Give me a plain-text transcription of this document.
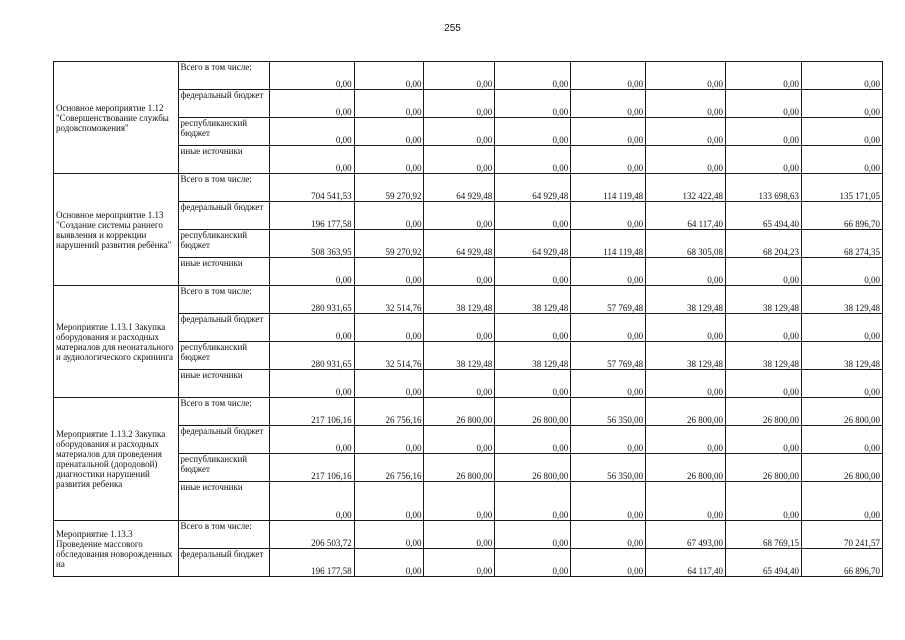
255
Основное мероприятие 1.12 "Совершенствование службы родовспоможения"	Всего в том числе:	0,00	0,00	0,00	0,00	0,00	0,00	0,00	0,00
	федеральный бюджет	0,00	0,00	0,00	0,00	0,00	0,00	0,00	0,00
	республиканский бюджет	0,00	0,00	0,00	0,00	0,00	0,00	0,00	0,00
	иные источники	0,00	0,00	0,00	0,00	0,00	0,00	0,00	0,00
Основное мероприятие 1.13 "Создание системы раннего выявления и коррекции нарушений развития ребёнка"	Всего в том числе:	704 541,53	59 270,92	64 929,48	64 929,48	114 119,48	132 422,48	133 698,63	135 171,05
	федеральный бюджет	196 177,58	0,00	0,00	0,00	0,00	64 117,40	65 494,40	66 896,70
	республиканский бюджет	508 363,95	59 270,92	64 929,48	64 929,48	114 119,48	68 305,08	68 204,23	68 274,35
	иные источники	0,00	0,00	0,00	0,00	0,00	0,00	0,00	0,00
Мероприятие 1.13.1 Закупка оборудования и расходных материалов для неонатального и аудиологического скрининга	Всего в том числе:	280 931,65	32 514,76	38 129,48	38 129,48	57 769,48	38 129,48	38 129,48	38 129,48
	федеральный бюджет	0,00	0,00	0,00	0,00	0,00	0,00	0,00	0,00
	республиканский бюджет	280 931,65	32 514,76	38 129,48	38 129,48	57 769,48	38 129,48	38 129,48	38 129,48
	иные источники	0,00	0,00	0,00	0,00	0,00	0,00	0,00	0,00
Мероприятие 1.13.2 Закупка оборудования и расходных материалов для проведения пренатальной (дородовой) диагностики нарушений развития ребенка	Всего в том числе:	217 106,16	26 756,16	26 800,00	26 800,00	56 350,00	26 800,00	26 800,00	26 800,00
	федеральный бюджет	0,00	0,00	0,00	0,00	0,00	0,00	0,00	0,00
	республиканский бюджет	217 106,16	26 756,16	26 800,00	26 800,00	56 350,00	26 800,00	26 800,00	26 800,00
	иные источники	0,00	0,00	0,00	0,00	0,00	0,00	0,00	0,00
Мероприятие 1.13.3 Проведение массового обследования новорожденных на	Всего в том числе:	206 503,72	0,00	0,00	0,00	0,00	67 493,00	68 769,15	70 241,57
	федеральный бюджет	196 177,58	0,00	0,00	0,00	0,00	64 117,40	65 494,40	66 896,70
